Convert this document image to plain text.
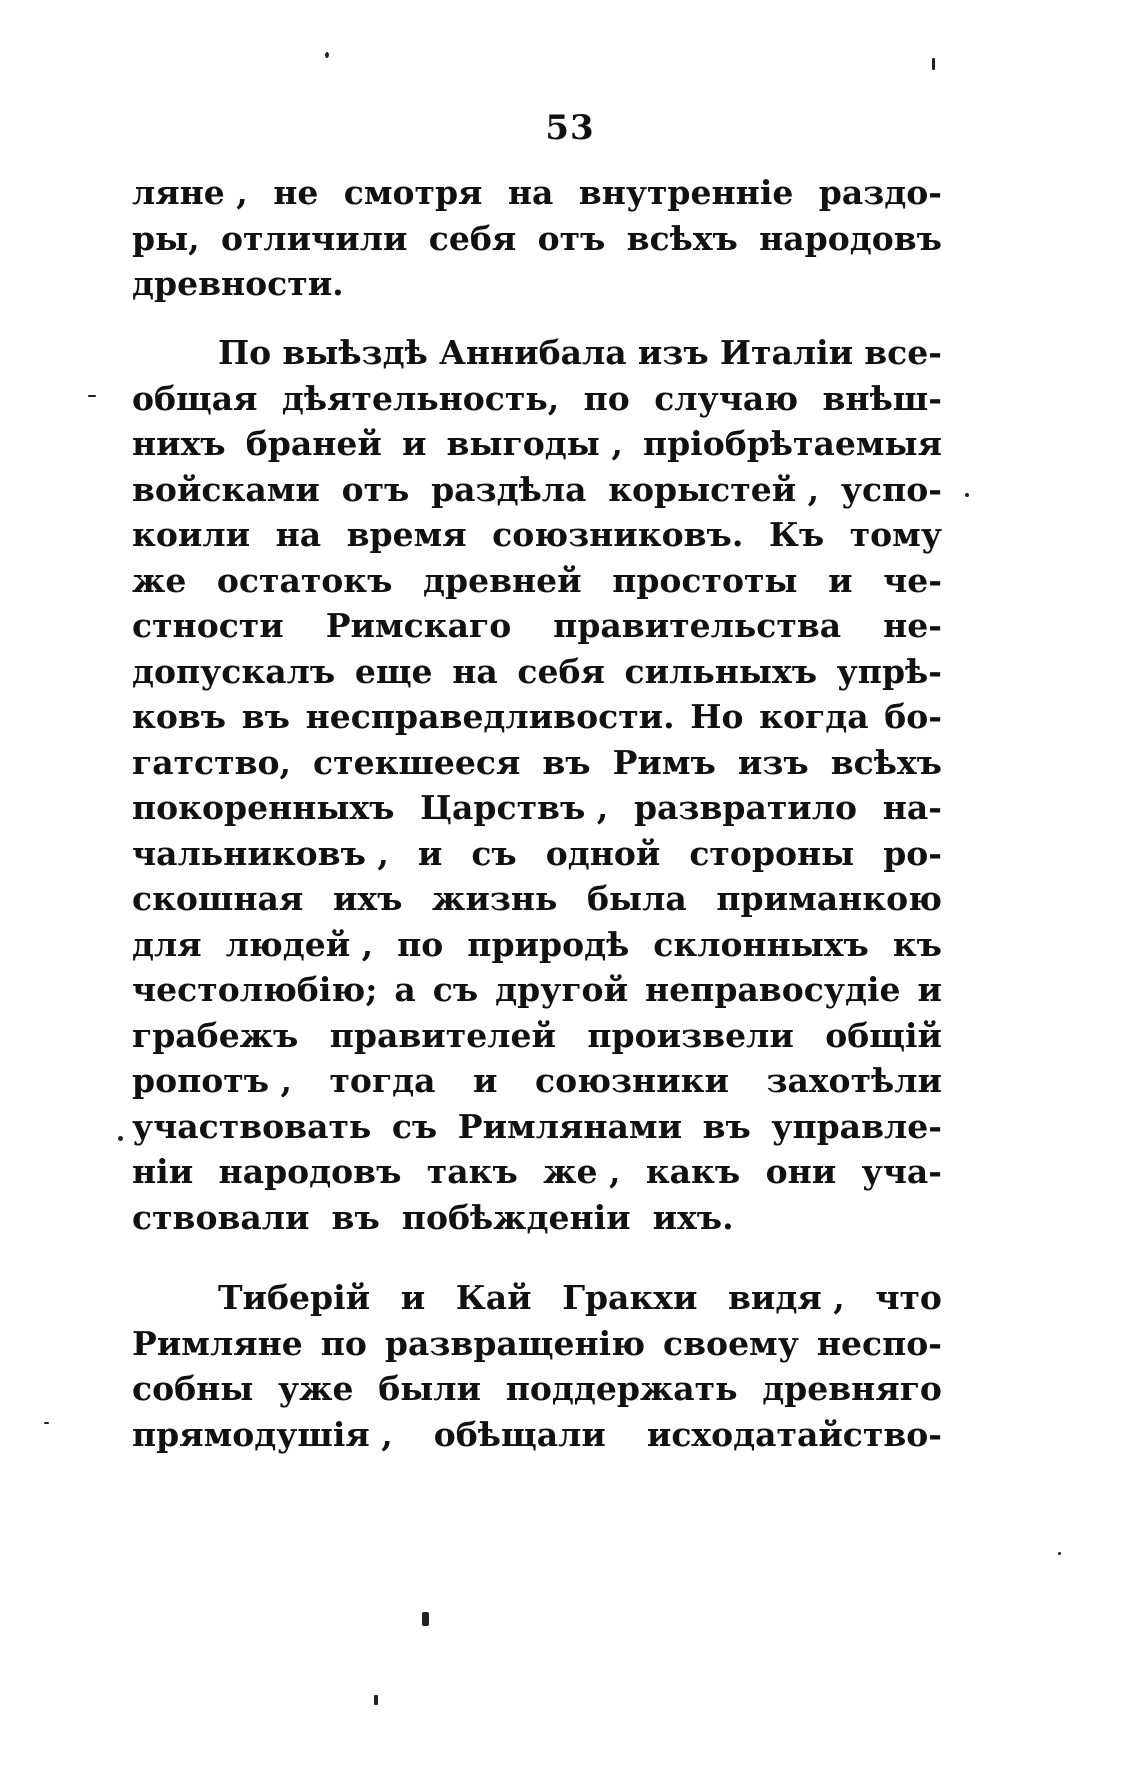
53
ляне , не смотря на внутренніе раздо-
ры, отличили себя отъ всѣхъ народовъ
древности.
По выѣздѣ Аннибала изъ Италіи все-
общая дѣятельность, по случаю внѣш-
нихъ браней и выгоды , пріобрѣтаемыя
войсками отъ раздѣла корыстей , успо-
коили на время союзниковъ. Къ тому
же остатокъ древней простоты и че-
стности Римскаго правительства не-
допускалъ еще на себя сильныхъ упрѣ-
ковъ въ несправедливости. Но когда бо-
гатство, стекшееся въ Римъ изъ всѣхъ
покоренныхъ Царствъ , развратило на-
чальниковъ , и съ одной стороны ро-
скошная ихъ жизнь была приманкою
для людей , по природѣ склонныхъ къ
честолюбію; а съ другой неправосудіе и
грабежъ правителей произвели общій
ропотъ , тогда и союзники захотѣли
участвовать съ Римлянами въ управле-
ніи народовъ такъ же , какъ они уча-
ствовали въ побѣжденіи ихъ.
Тиберій и Кай Гракхи видя , что
Римляне по развращенію своему неспо-
собны уже были поддержать древняго
прямодушія , обѣщали исходатайство-
